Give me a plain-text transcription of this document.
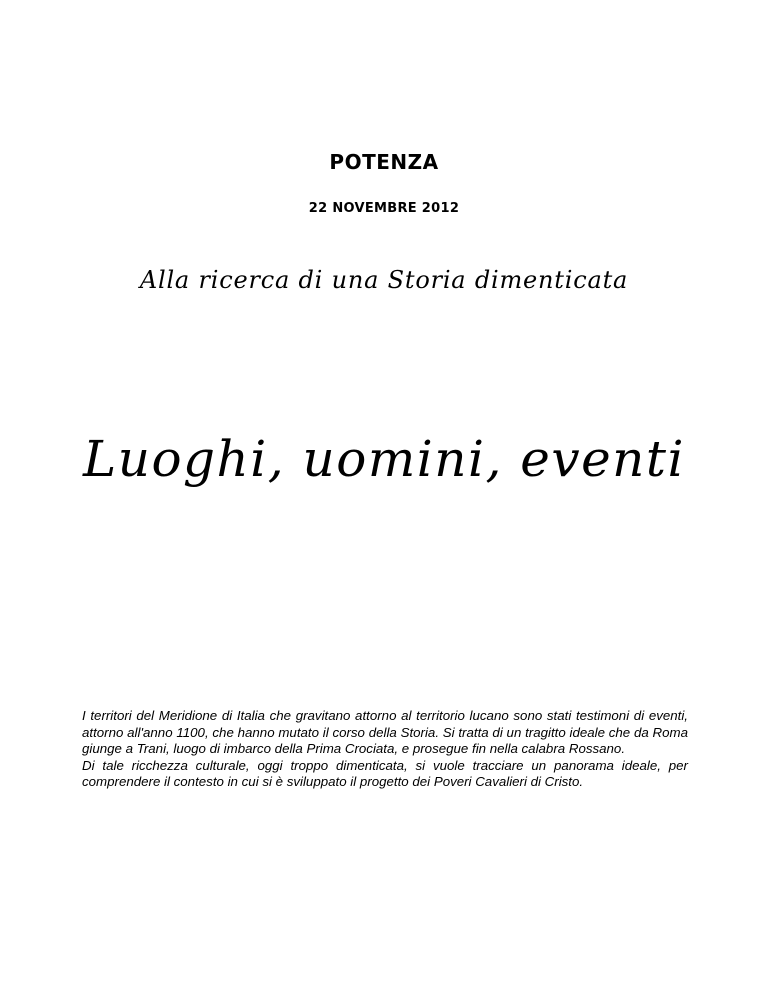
POTENZA
22 NOVEMBRE 2012
Alla ricerca di una Storia dimenticata
Luoghi, uomini, eventi

I territori del Meridione di Italia che gravitano attorno al territorio lucano sono stati testimoni di eventi, attorno all'anno 1100, che hanno mutato il corso della Storia. Si tratta di un tragitto ideale che da Roma giunge a Trani, luogo di imbarco della Prima Crociata, e prosegue fin nella calabra Rossano.

Di tale ricchezza culturale, oggi troppo dimenticata, si vuole tracciare un panorama ideale, per comprendere il contesto in cui si è sviluppato il progetto dei Poveri Cavalieri di Cristo.
